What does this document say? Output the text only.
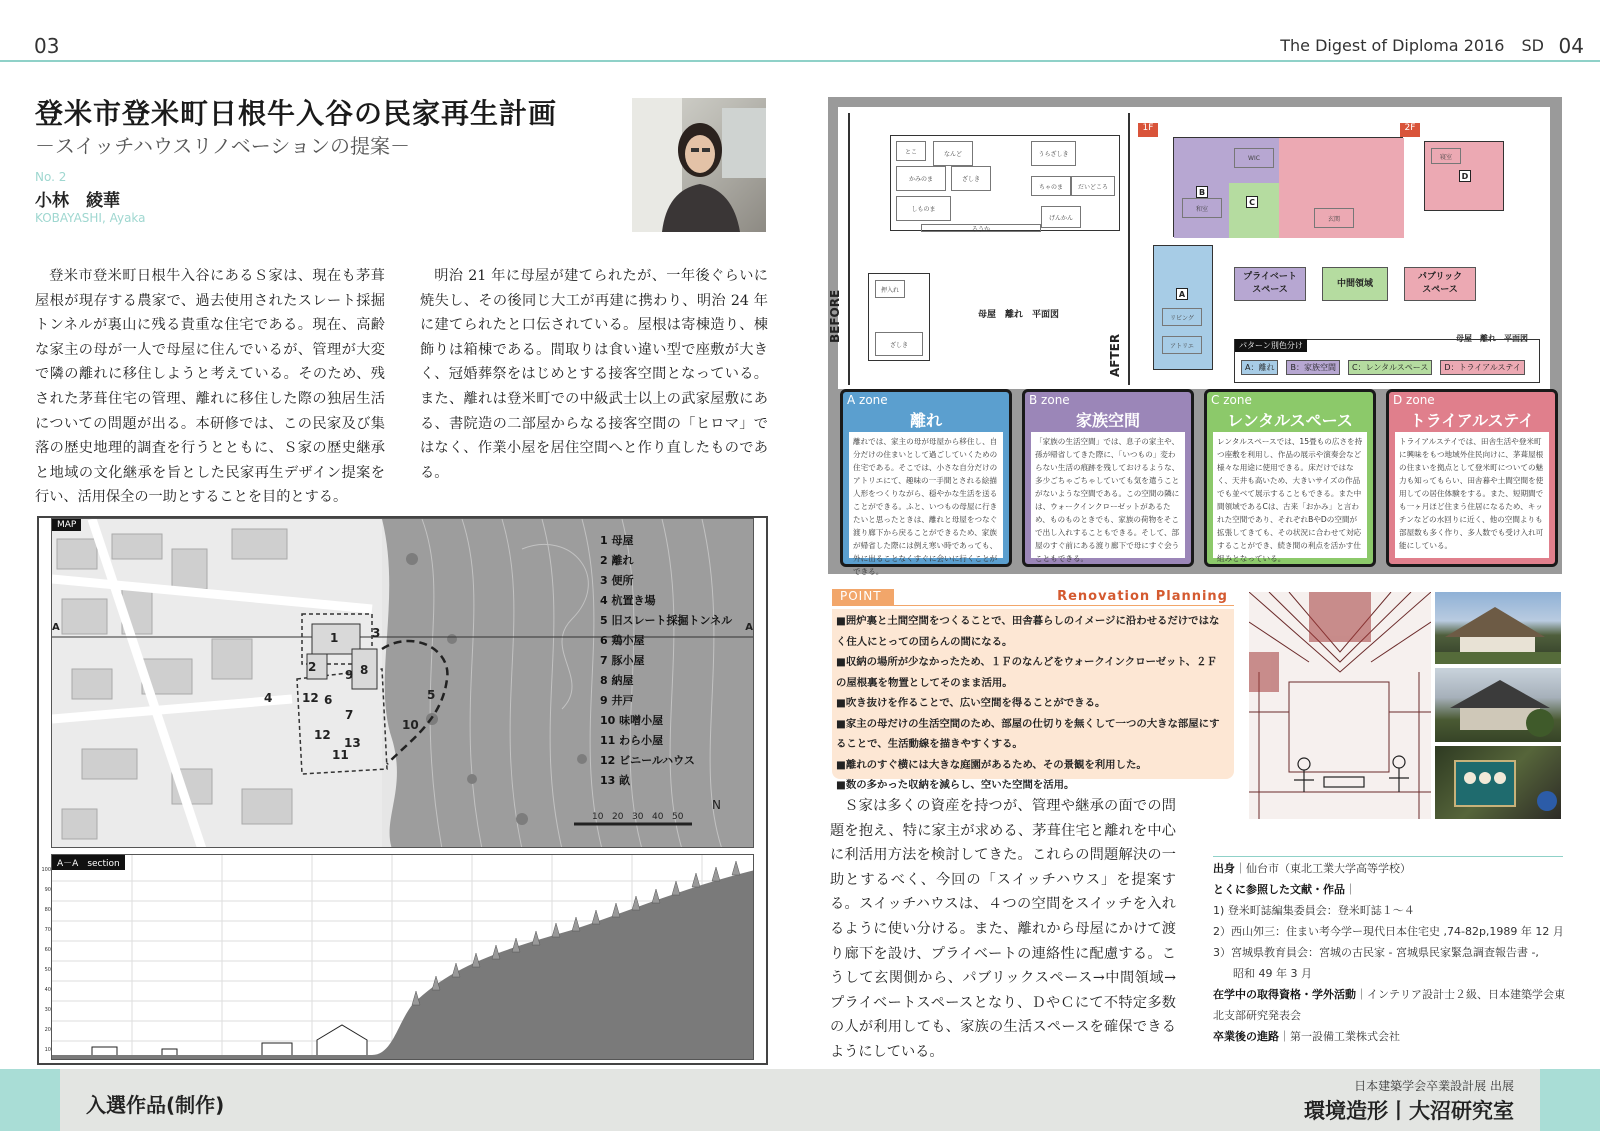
03	The Digest of Diploma 2016 SD 04
登米市登米町日根牛入谷の民家再生計画
－スイッチハウスリノベーションの提案－
No. 2
小林　綾華
KOBAYASHI, Ayaka
登米市登米町日根牛入谷にあるＳ家は、現在も茅葺屋根が現存する農家で、過去使用されたスレート採掘トンネルが裏山に残る貴重な住宅である。現在、高齢な家主の母が一人で母屋に住んでいるが、管理が大変で隣の離れに移住しようと考えている。そのため、残された茅葺住宅の管理、離れに移住した際の独居生活についての問題が出る。本研修では、この民家及び集落の歴史地理的調査を行うとともに、Ｓ家の歴史継承と地域の文化継承を旨とした民家再生デザイン提案を行い、活用保全の一助とすることを目的とする。
明治 21 年に母屋が建てられたが、一年後ぐらいに焼失し、その後同じ大工が再建に携わり、明治 24 年に建てられたと口伝されている。屋根は寄棟造り、棟飾りは箱棟である。間取りは食い違い型で座敷が大きく、冠婚葬祭をはじめとする接客空間となっている。また、離れは登米町での中級武士以上の武家屋敷にある、書院造の二部屋からなる接客空間の「ヒロマ」ではなく、作業小屋を居住空間へと作り直したものである。
1
2
3
4	5
6
7
8
9
10
11
12
12
13
10 20 30 40 50
N
MAP
1 母屋
2 離れ
3 便所
4 杭置き場
5 旧スレート採掘トンネル
6 鶏小屋
7 豚小屋
8 納屋
9 井戸
10 味噌小屋
11 わら小屋
12 ビニールハウス
13 畝
A	A
A－A　section
100
90
80
70
60
50
40
30
20
10
BEFORE
とこ	なんど	うらざしき
かみのま	ざしき
ちゃのま	だいどころ
しものま
ろうか
げんかん
押入れ
ざしき
母屋　離れ　平面図
AFTER
1F	2F
WIC
和室
玄関
B
C
リビング
アトリエ
A
寝室
D
プライベート
スペース
中間領域
パブリック
スペース
母屋　離れ　平面図
パターン別色分け
A：離れ	B：家族空間	C：レンタルスペース	D：トライアルステイ
A zone
離れ
離れでは、家主の母が母屋から移住し、自分だけの住まいとして過ごしていくための住宅である。そこでは、小さな自分だけのアトリエにて、趣味の一手間とされる絵描人形をつくりながら、穏やかな生活を送ることができる。ふと、いつもの母屋に行きたいと思ったときは、離れと母屋をつなぐ渡り廊下から戻ることができるため、家族が帰省した際には例え寒い時であっても、外に出ることなくすぐに会いに行くことができる。
B zone
家族空間
「家族の生活空間」では、息子の家主や、孫が帰省してきた際に、「いつもの」変わらない生活の痕跡を残しておけるような、多少ごちゃごちゃしていても気を遣うことがないような空間である。この空間の隣には、ウォークインクローゼットがあるため、ものものときでも、家族の荷物をそこで出し入れすることもできる。そして、部屋のすぐ前にある渡り廊下で母にすぐ会うこともできる。
C zone
レンタルスペース
レンタルスペースでは、15畳もの広さを持つ座敷を利用し、作品の展示や演奏会など様々な用途に使用できる。床だけではなく、天井も高いため、大きいサイズの作品でも並べて展示することもできる。また中間領域であるCは、古来「おかみ」と言われた空間であり、それぞれBやDの空間が拡張してきても、その状況に合わせて対応することができ、続き間の利点を活かす仕組みとなっている。
D zone
トライアルステイ
トライアルステイでは、田舎生活や登米町に興味をもつ地域外住民向けに、茅葺屋根の住まいを拠点として登米町についての魅力も知ってもらい、田舎暮や土間空間を使用しての居住体験をする。また、短期間でも一ヶ月ほど住まう住居になるため、キッチンなどの水回りに近く、他の空間よりも部屋数も多く作り、多人数でも受け入れ可能にしている。
POINT	Renovation Planning
■囲炉裏と土間空間をつくることで、田舎暮らしのイメージに沿わせるだけではなく住人にとっての団らんの間になる。
■収納の場所が少なかったため、１Ｆのなんどをウォークインクローゼット、２Ｆの屋根裏を物置としてそのまま活用。
■吹き抜けを作ることで、広い空間を得ることができる。
■家主の母だけの生活空間のため、部屋の仕切りを無くして一つの大きな部屋にすることで、生活動線を描きやすくする。
■離れのすぐ横には大きな庭園があるため、その景観を利用した。
■数の多かった収納を減らし、空いた空間を活用。
Ｓ家は多くの資産を持つが、管理や継承の面での問題を抱え、特に家主が求める、茅葺住宅と離れを中心に利活用方法を検討してきた。これらの問題解決の一助とするべく、今回の「スイッチハウス」を提案する。スイッチハウスは、４つの空間をスイッチを入れるように使い分ける。また、離れから母屋にかけて渡り廊下を設け、プライベートの連絡性に配慮する。こうして玄関側から、パブリックスペース→中間領域→プライベートスペースとなり、ＤやＣにて不特定多数の人が利用しても、家族の生活スペースを確保できるようにしている。
出身｜仙台市（東北工業大学高等学校）
とくに参照した文献・作品｜
1) 登米町誌編集委員会：登米町誌１～４
2）西山夘三：住まい考今学ー現代日本住宅史 ,74-82p,1989 年 12 月
3）宮城県教育員会：宮城の古民家 - 宮城県民家緊急調査報告書 -,
昭和 49 年 3 月
在学中の取得資格・学外活動｜インテリア設計士２級、日本建築学会東北支部研究発表会
卒業後の進路｜第一設備工業株式会社
入選作品(制作)
日本建築学会卒業設計展 出展
環境造形丨大沼研究室
